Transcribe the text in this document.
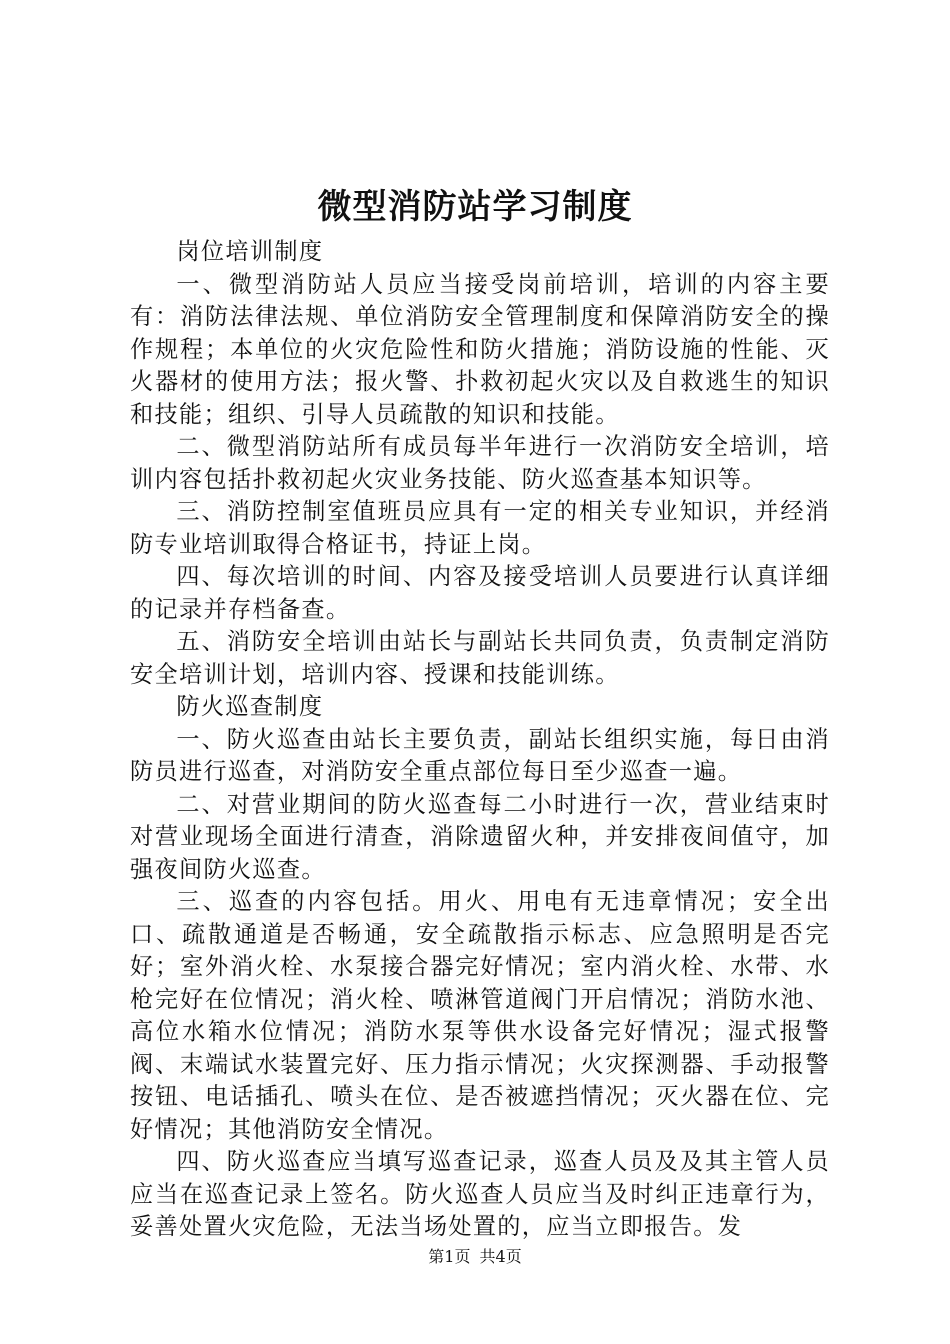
微型消防站学习制度

岗位培训制度

一、微型消防站人员应当接受岗前培训，培训的内容主要有：消防法律法规、单位消防安全管理制度和保障消防安全的操作规程；本单位的火灾危险性和防火措施；消防设施的性能、灭火器材的使用方法；报火警、扑救初起火灾以及自救逃生的知识和技能；组织、引导人员疏散的知识和技能。

二、微型消防站所有成员每半年进行一次消防安全培训，培训内容包括扑救初起火灾业务技能、防火巡查基本知识等。

三、消防控制室值班员应具有一定的相关专业知识，并经消防专业培训取得合格证书，持证上岗。

四、每次培训的时间、内容及接受培训人员要进行认真详细的记录并存档备查。

五、消防安全培训由站长与副站长共同负责，负责制定消防安全培训计划，培训内容、授课和技能训练。

防火巡查制度

一、防火巡查由站长主要负责，副站长组织实施，每日由消防员进行巡查，对消防安全重点部位每日至少巡查一遍。

二、对营业期间的防火巡查每二小时进行一次，营业结束时对营业现场全面进行清查，消除遗留火种，并安排夜间值守，加强夜间防火巡查。

三、巡查的内容包括。用火、用电有无违章情况；安全出口、疏散通道是否畅通，安全疏散指示标志、应急照明是否完好；室外消火栓、水泵接合器完好情况；室内消火栓、水带、水枪完好在位情况；消火栓、喷淋管道阀门开启情况；消防水池、高位水箱水位情况；消防水泵等供水设备完好情况；湿式报警阀、末端试水装置完好、压力指示情况；火灾探测器、手动报警按钮、电话插孔、喷头在位、是否被遮挡情况；灭火器在位、完好情况；其他消防安全情况。

四、防火巡查应当填写巡查记录，巡查人员及及其主管人员应当在巡查记录上签名。防火巡查人员应当及时纠正违章行为，妥善处置火灾危险，无法当场处置的，应当立即报告。发

第1页 共4页
